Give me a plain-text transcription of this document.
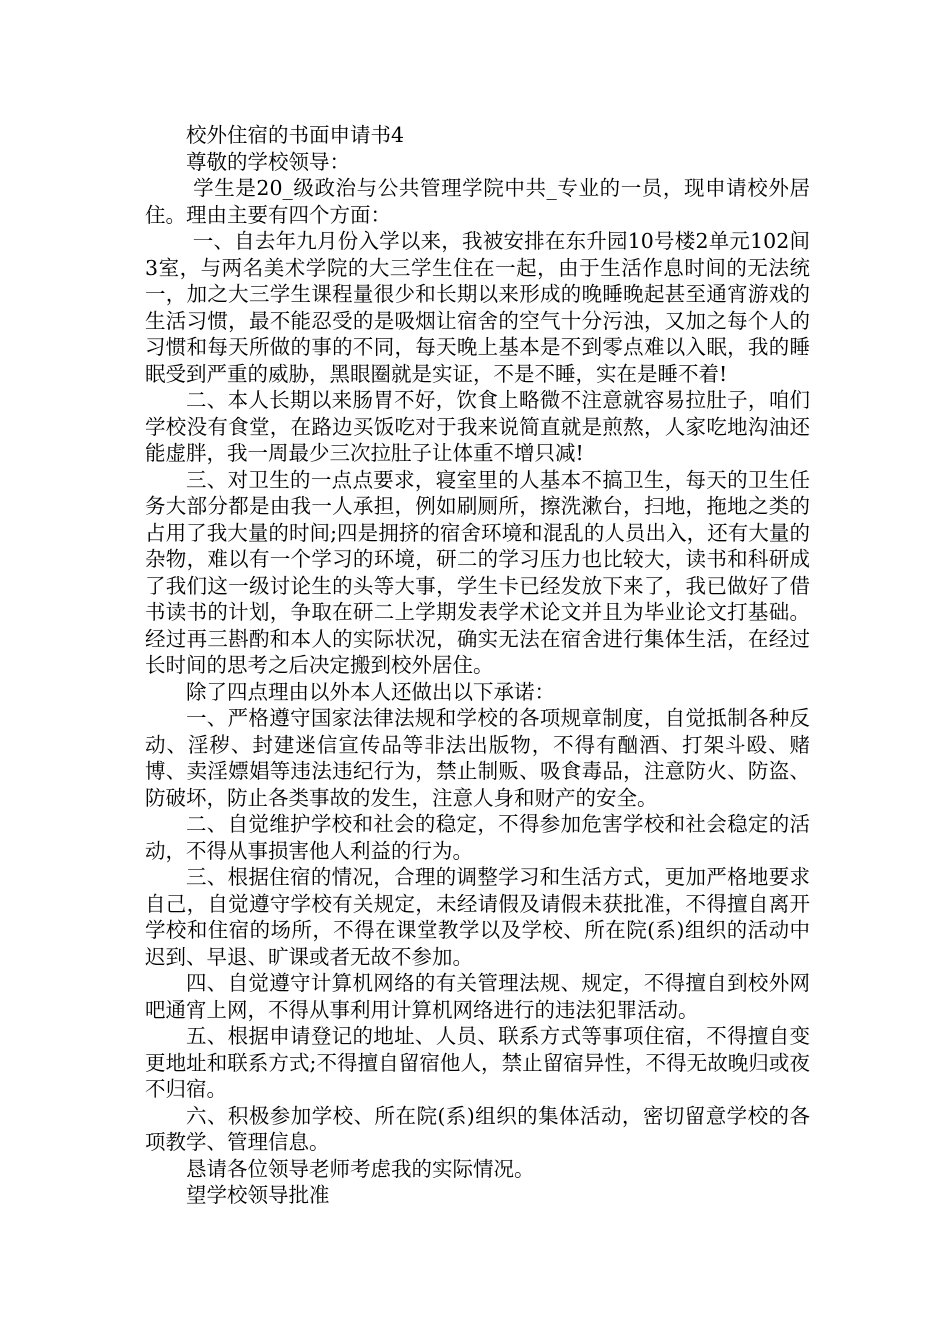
校外住宿的书面申请书4

尊敬的学校领导：

学生是20_级政治与公共管理学院中共_专业的一员，现申请校外居住。理由主要有四个方面：

一、自去年九月份入学以来，我被安排在东升园10号楼2单元102间3室，与两名美术学院的大三学生住在一起，由于生活作息时间的无法统一，加之大三学生课程量很少和长期以来形成的晚睡晚起甚至通宵游戏的生活习惯，最不能忍受的是吸烟让宿舍的空气十分污浊，又加之每个人的习惯和每天所做的事的不同，每天晚上基本是不到零点难以入眠，我的睡眠受到严重的威胁，黑眼圈就是实证，不是不睡，实在是睡不着!

二、本人长期以来肠胃不好，饮食上略微不注意就容易拉肚子，咱们学校没有食堂，在路边买饭吃对于我来说简直就是煎熬，人家吃地沟油还能虚胖，我一周最少三次拉肚子让体重不增只减!

三、对卫生的一点点要求，寝室里的人基本不搞卫生，每天的卫生任务大部分都是由我一人承担，例如刷厕所，擦洗漱台，扫地，拖地之类的占用了我大量的时间;四是拥挤的宿舍环境和混乱的人员出入，还有大量的杂物，难以有一个学习的环境，研二的学习压力也比较大，读书和科研成了我们这一级讨论生的头等大事，学生卡已经发放下来了，我已做好了借书读书的计划，争取在研二上学期发表学术论文并且为毕业论文打基础。经过再三斟酌和本人的实际状况，确实无法在宿舍进行集体生活，在经过长时间的思考之后决定搬到校外居住。

除了四点理由以外本人还做出以下承诺：

一、严格遵守国家法律法规和学校的各项规章制度，自觉抵制各种反动、淫秽、封建迷信宣传品等非法出版物，不得有酗酒、打架斗殴、赌博、卖淫嫖娼等违法违纪行为，禁止制贩、吸食毒品，注意防火、防盗、防破坏，防止各类事故的发生，注意人身和财产的安全。

二、自觉维护学校和社会的稳定，不得参加危害学校和社会稳定的活动，不得从事损害他人利益的行为。

三、根据住宿的情况，合理的调整学习和生活方式，更加严格地要求自己，自觉遵守学校有关规定，未经请假及请假未获批准，不得擅自离开学校和住宿的场所，不得在课堂教学以及学校、所在院(系)组织的活动中迟到、早退、旷课或者无故不参加。

四、自觉遵守计算机网络的有关管理法规、规定，不得擅自到校外网吧通宵上网，不得从事利用计算机网络进行的违法犯罪活动。

五、根据申请登记的地址、人员、联系方式等事项住宿，不得擅自变更地址和联系方式;不得擅自留宿他人，禁止留宿异性，不得无故晚归或夜不归宿。

六、积极参加学校、所在院(系)组织的集体活动，密切留意学校的各项教学、管理信息。

恳请各位领导老师考虑我的实际情况。

望学校领导批准
